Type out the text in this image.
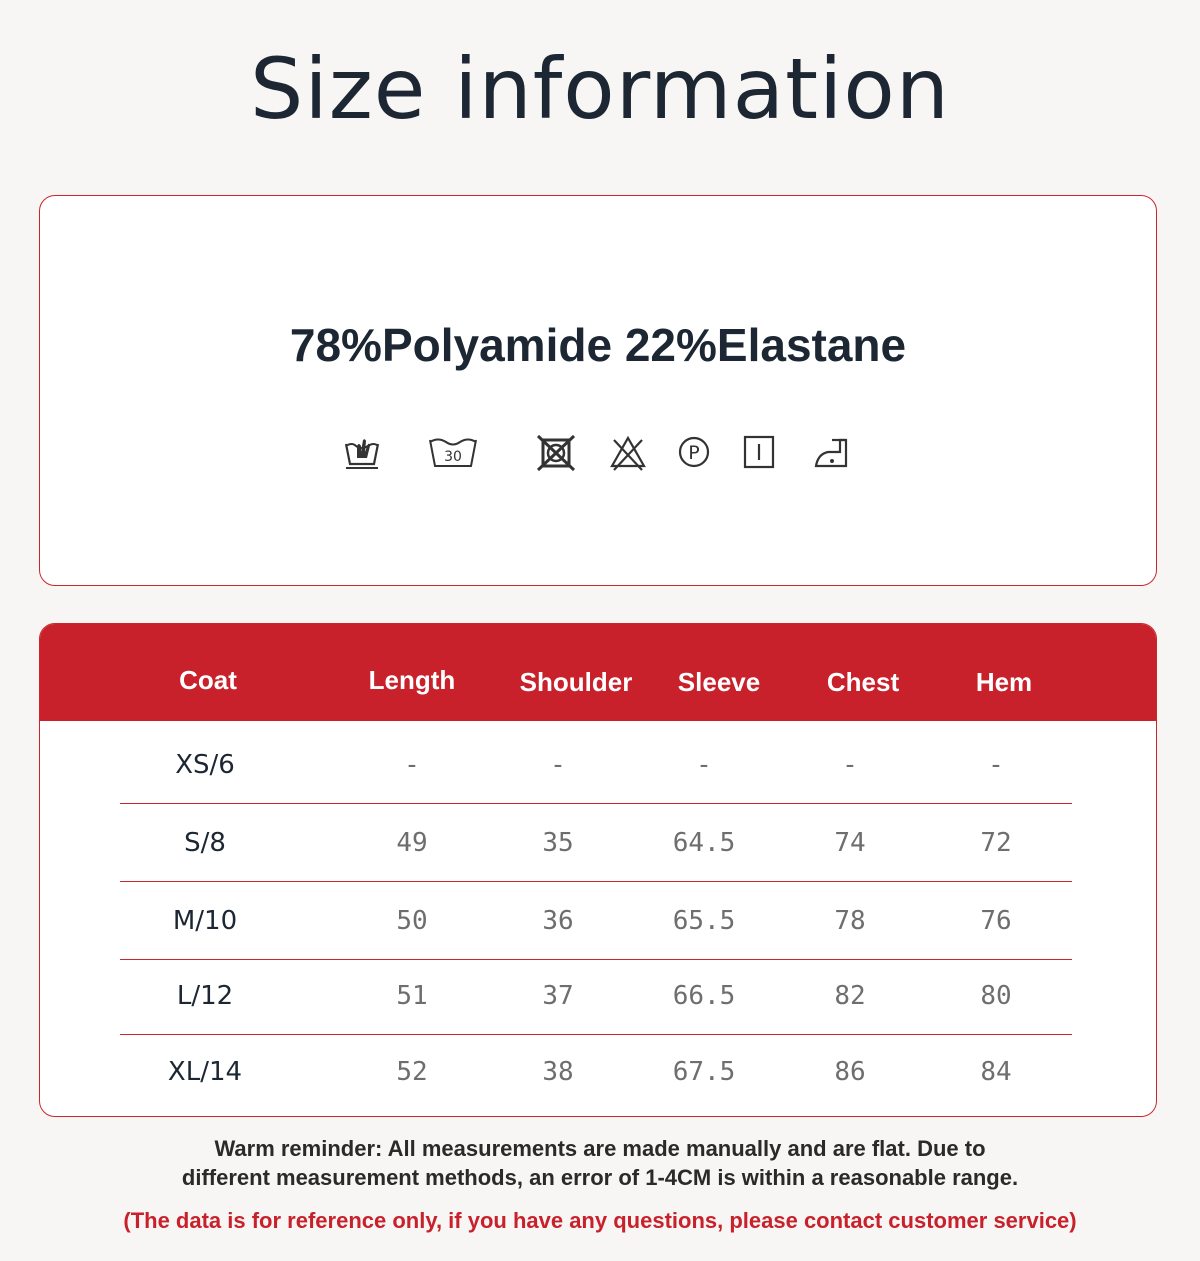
Size information
78%Polyamide 22%Elastane
30	P
Coat	Length	Shoulder	Sleeve	Chest	Hem
XS/6	-	-	-	-	-
S/8	49	35	64.5	74	72
M/10	50	36	65.5	78	76
L/12	51	37	66.5	82	80
XL/14	52	38	67.5	86	84
Warm reminder: All measurements are made manually and are flat. Due to
different measurement methods, an error of 1-4CM is within a reasonable range.
(The data is for reference only, if you have any questions, please contact customer service)
